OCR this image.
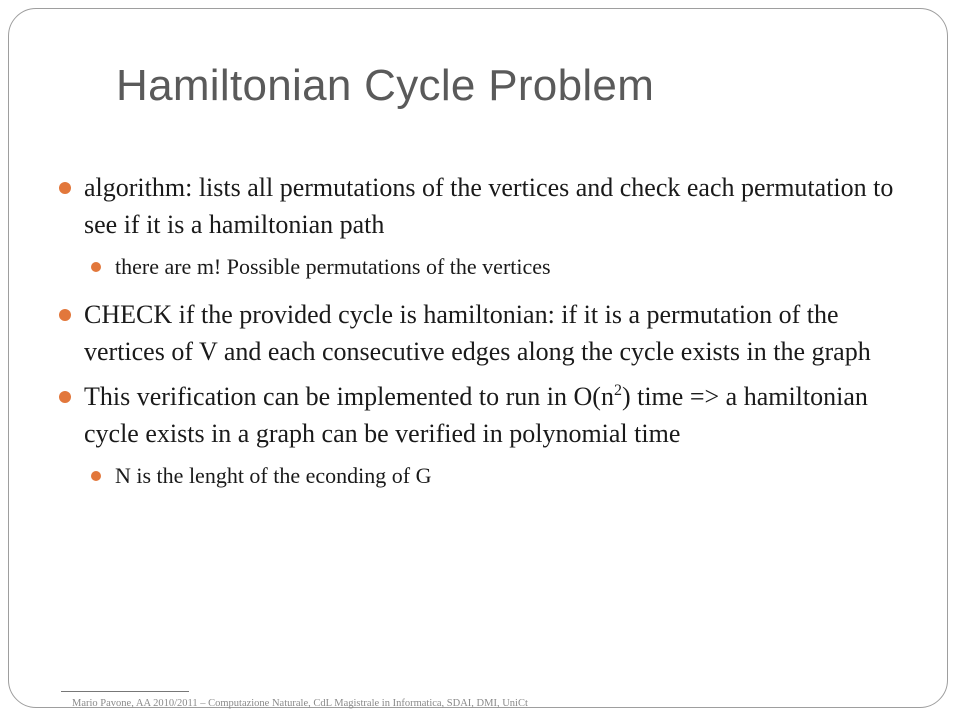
Hamiltonian Cycle Problem
algorithm: lists all permutations of the vertices and check each permutation to see if it is a hamiltonian path
there are m! Possible permutations of the vertices
CHECK if the provided cycle is hamiltonian: if it is a permutation of the vertices of V and each consecutive edges along the cycle exists in the graph
This verification can be implemented to run in $O(n^2)$ time => a hamiltonian cycle exists in a graph can be verified in polynomial time
N is the lenght of the econding of G
Mario Pavone, AA 2010/2011 – Computazione Naturale, CdL Magistrale in Informatica, SDAI, DMI, UniCt
